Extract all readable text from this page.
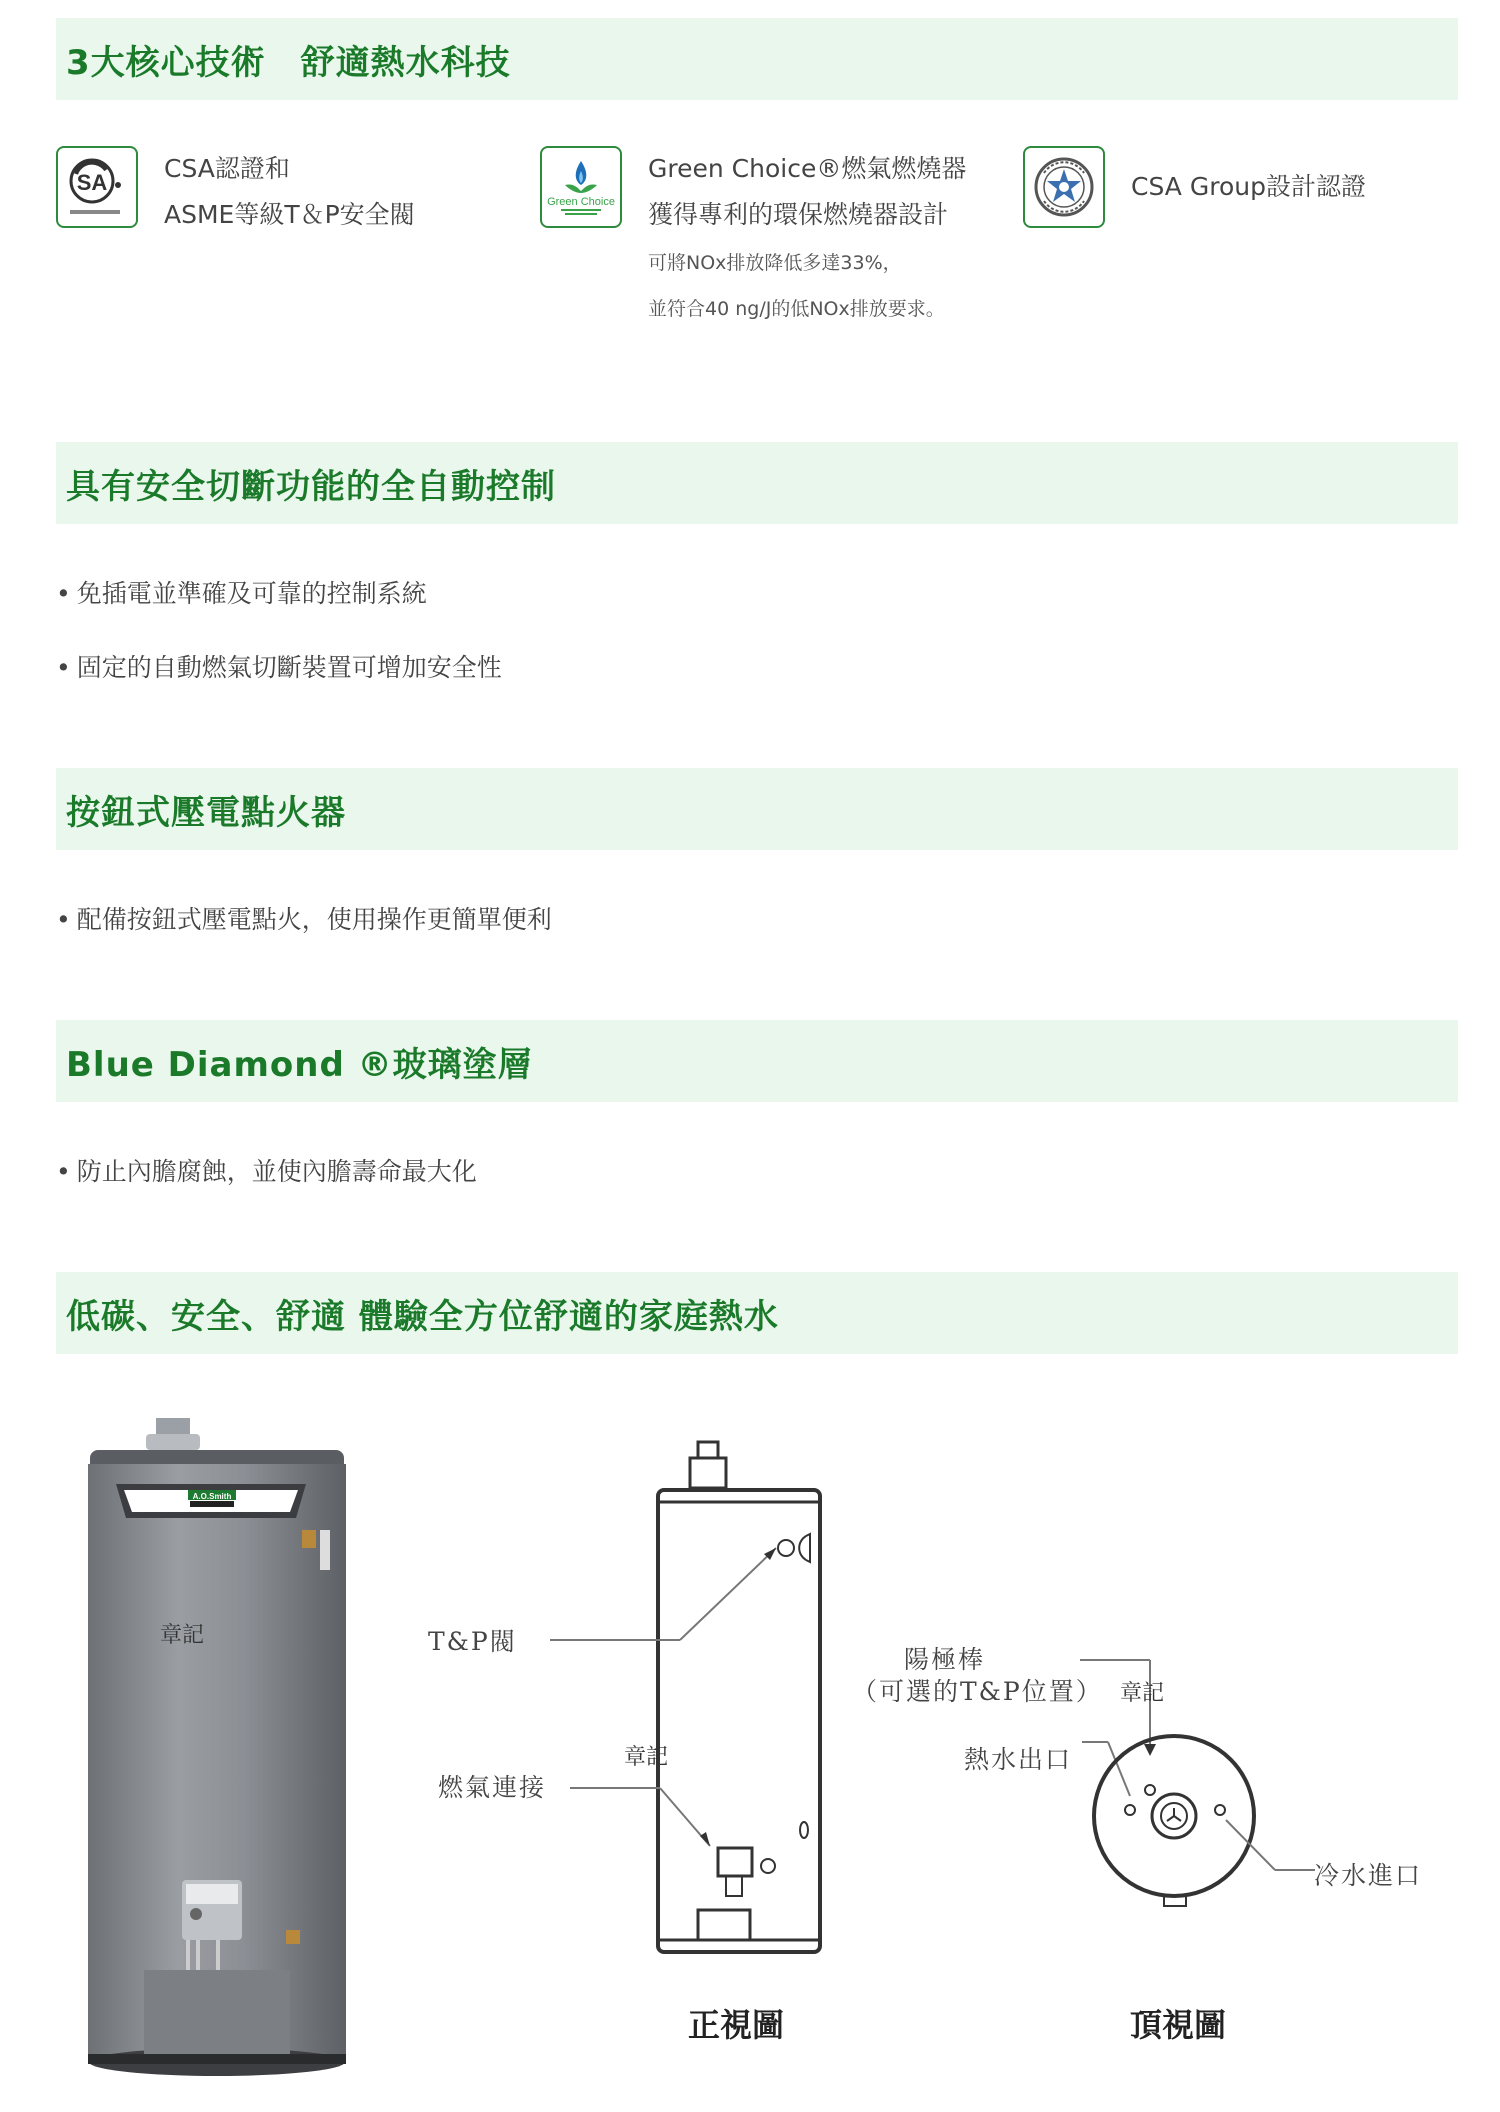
3大核心技術　舒適熱水科技
SA CSA認證和
ASME等級T＆P安全閥	Green Choice
Green Choice®燃氣燃燒器
獲得專利的環保燃燒器設計
可將NOx排放降低多達33%，
並符合40 ng/J的低NOx排放要求。
CSA Group設計認證
具有安全切斷功能的全自動控制
• 免插電並準確及可靠的控制系統
• 固定的自動燃氣切斷裝置可增加安全性
按鈕式壓電點火器
• 配備按鈕式壓電點火，使用操作更簡單便利
Blue Diamond ®玻璃塗層
• 防止內膽腐蝕，並使內膽壽命最大化
低碳、安全、舒適 體驗全方位舒適的家庭熱水
A.O.Smith
章記	T&P閥
燃氣連接
章記
陽極棒
（可選的T&P位置） 章記
熱水出口
冷水進口
正視圖	頂視圖
